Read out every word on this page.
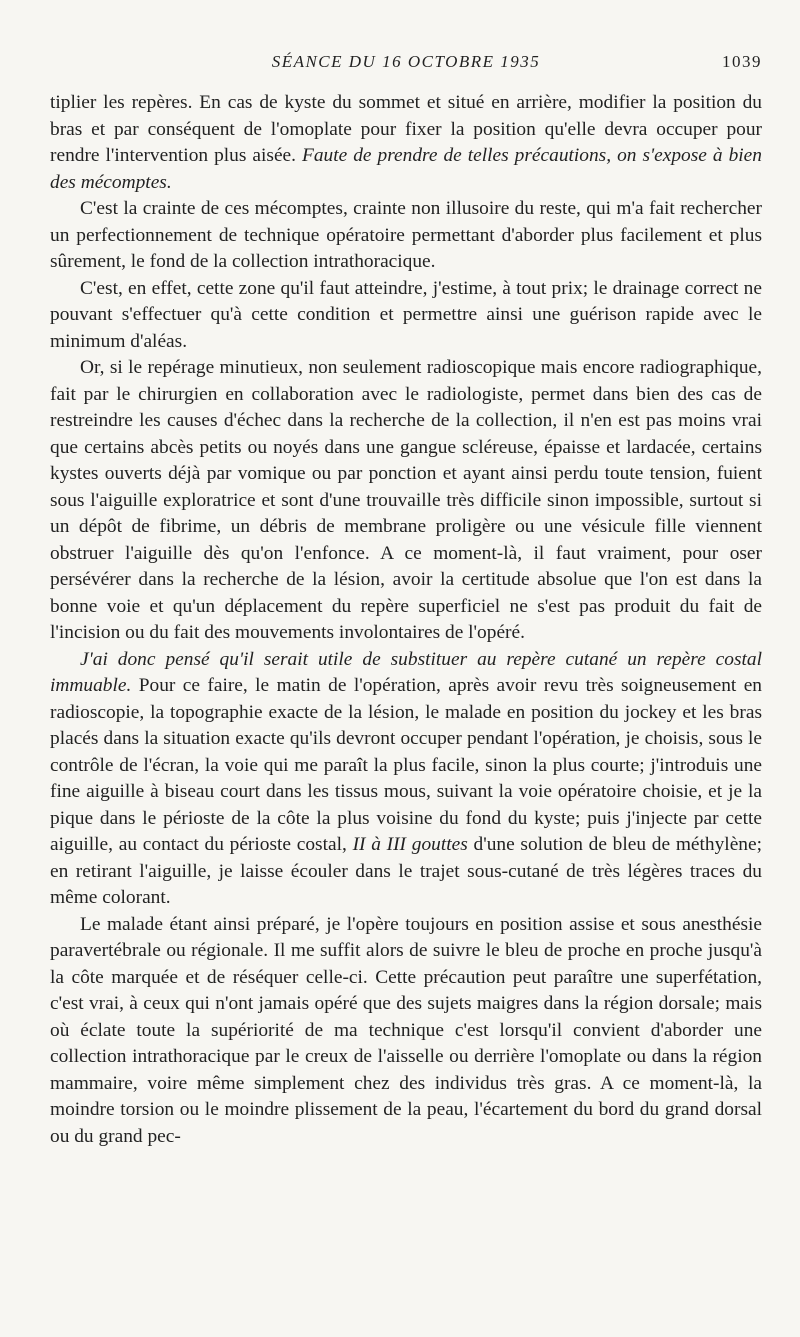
SÉANCE DU 16 OCTOBRE 1935	1039

tiplier les repères. En cas de kyste du sommet et situé en arrière, modifier la position du bras et par conséquent de l'omoplate pour fixer la position qu'elle devra occuper pour rendre l'intervention plus aisée. Faute de prendre de telles précautions, on s'expose à bien des mécomptes.

C'est la crainte de ces mécomptes, crainte non illusoire du reste, qui m'a fait rechercher un perfectionnement de technique opératoire permettant d'aborder plus facilement et plus sûrement, le fond de la collection intrathoracique.

C'est, en effet, cette zone qu'il faut atteindre, j'estime, à tout prix; le drainage correct ne pouvant s'effectuer qu'à cette condition et permettre ainsi une guérison rapide avec le minimum d'aléas.

Or, si le repérage minutieux, non seulement radioscopique mais encore radiographique, fait par le chirurgien en collaboration avec le radiologiste, permet dans bien des cas de restreindre les causes d'échec dans la recherche de la collection, il n'en est pas moins vrai que certains abcès petits ou noyés dans une gangue scléreuse, épaisse et lardacée, certains kystes ouverts déjà par vomique ou par ponction et ayant ainsi perdu toute tension, fuient sous l'aiguille exploratrice et sont d'une trouvaille très difficile sinon impossible, surtout si un dépôt de fibrime, un débris de membrane proligère ou une vésicule fille viennent obstruer l'aiguille dès qu'on l'enfonce. A ce moment-là, il faut vraiment, pour oser persévérer dans la recherche de la lésion, avoir la certitude absolue que l'on est dans la bonne voie et qu'un déplacement du repère superficiel ne s'est pas produit du fait de l'incision ou du fait des mouvements involontaires de l'opéré.

J'ai donc pensé qu'il serait utile de substituer au repère cutané un repère costal immuable. Pour ce faire, le matin de l'opération, après avoir revu très soigneusement en radioscopie, la topographie exacte de la lésion, le malade en position du jockey et les bras placés dans la situation exacte qu'ils devront occuper pendant l'opération, je choisis, sous le contrôle de l'écran, la voie qui me paraît la plus facile, sinon la plus courte; j'introduis une fine aiguille à biseau court dans les tissus mous, suivant la voie opératoire choisie, et je la pique dans le périoste de la côte la plus voisine du fond du kyste; puis j'injecte par cette aiguille, au contact du périoste costal, II à III gouttes d'une solution de bleu de méthylène; en retirant l'aiguille, je laisse écouler dans le trajet sous-cutané de très légères traces du même colorant.

Le malade étant ainsi préparé, je l'opère toujours en position assise et sous anesthésie paravertébrale ou régionale. Il me suffit alors de suivre le bleu de proche en proche jusqu'à la côte marquée et de réséquer celle-ci. Cette précaution peut paraître une superfétation, c'est vrai, à ceux qui n'ont jamais opéré que des sujets maigres dans la région dorsale; mais où éclate toute la supériorité de ma technique c'est lorsqu'il convient d'aborder une collection intrathoracique par le creux de l'aisselle ou derrière l'omoplate ou dans la région mammaire, voire même simplement chez des individus très gras. A ce moment-là, la moindre torsion ou le moindre plissement de la peau, l'écartement du bord du grand dorsal ou du grand pec-
